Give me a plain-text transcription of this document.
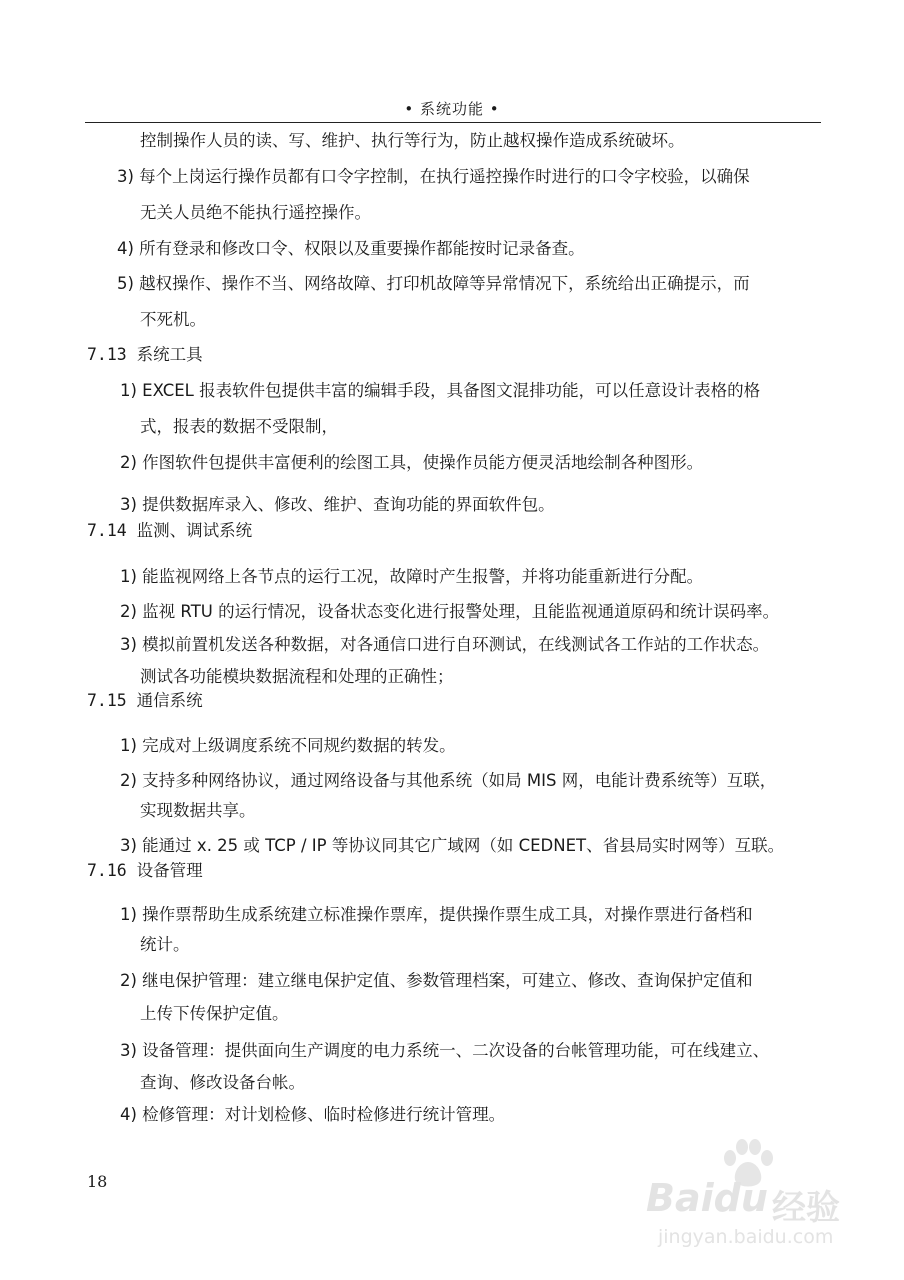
• 系统功能 •
控制操作人员的读、写、维护、执行等行为，防止越权操作造成系统破坏。
3) 每个上岗运行操作员都有口令字控制，在执行遥控操作时进行的口令字校验，以确保
无关人员绝不能执行遥控操作。
4) 所有登录和修改口令、权限以及重要操作都能按时记录备查。
5) 越权操作、操作不当、网络故障、打印机故障等异常情况下，系统给出正确提示，而
不死机。
7.13 系统工具
1) EXCEL 报表软件包提供丰富的编辑手段，具备图文混排功能，可以任意设计表格的格
式，报表的数据不受限制，
2) 作图软件包提供丰富便利的绘图工具，使操作员能方便灵活地绘制各种图形。
3) 提供数据库录入、修改、维护、查询功能的界面软件包。
7.14 监测、调试系统
1) 能监视网络上各节点的运行工况，故障时产生报警，并将功能重新进行分配。
2) 监视 RTU 的运行情况，设备状态变化进行报警处理，且能监视通道原码和统计误码率。
3) 模拟前置机发送各种数据，对各通信口进行自环测试，在线测试各工作站的工作状态。
测试各功能模块数据流程和处理的正确性；
7.15 通信系统
1) 完成对上级调度系统不同规约数据的转发。
2) 支持多种网络协议，通过网络设备与其他系统（如局 MIS 网，电能计费系统等）互联，
实现数据共享。
3) 能通过 x. 25 或 TCP / IP 等协议同其它广域网（如 CEDNET、省县局实时网等）互联。
7.16 设备管理
1) 操作票帮助生成系统建立标准操作票库，提供操作票生成工具，对操作票进行备档和
统计。
2) 继电保护管理：建立继电保护定值、参数管理档案，可建立、修改、查询保护定值和
上传下传保护定值。
3) 设备管理：提供面向生产调度的电力系统一、二次设备的台帐管理功能，可在线建立、
查询、修改设备台帐。
4) 检修管理：对计划检修、临时检修进行统计管理。
18	Baidu 经验
jingyan.baidu.com
